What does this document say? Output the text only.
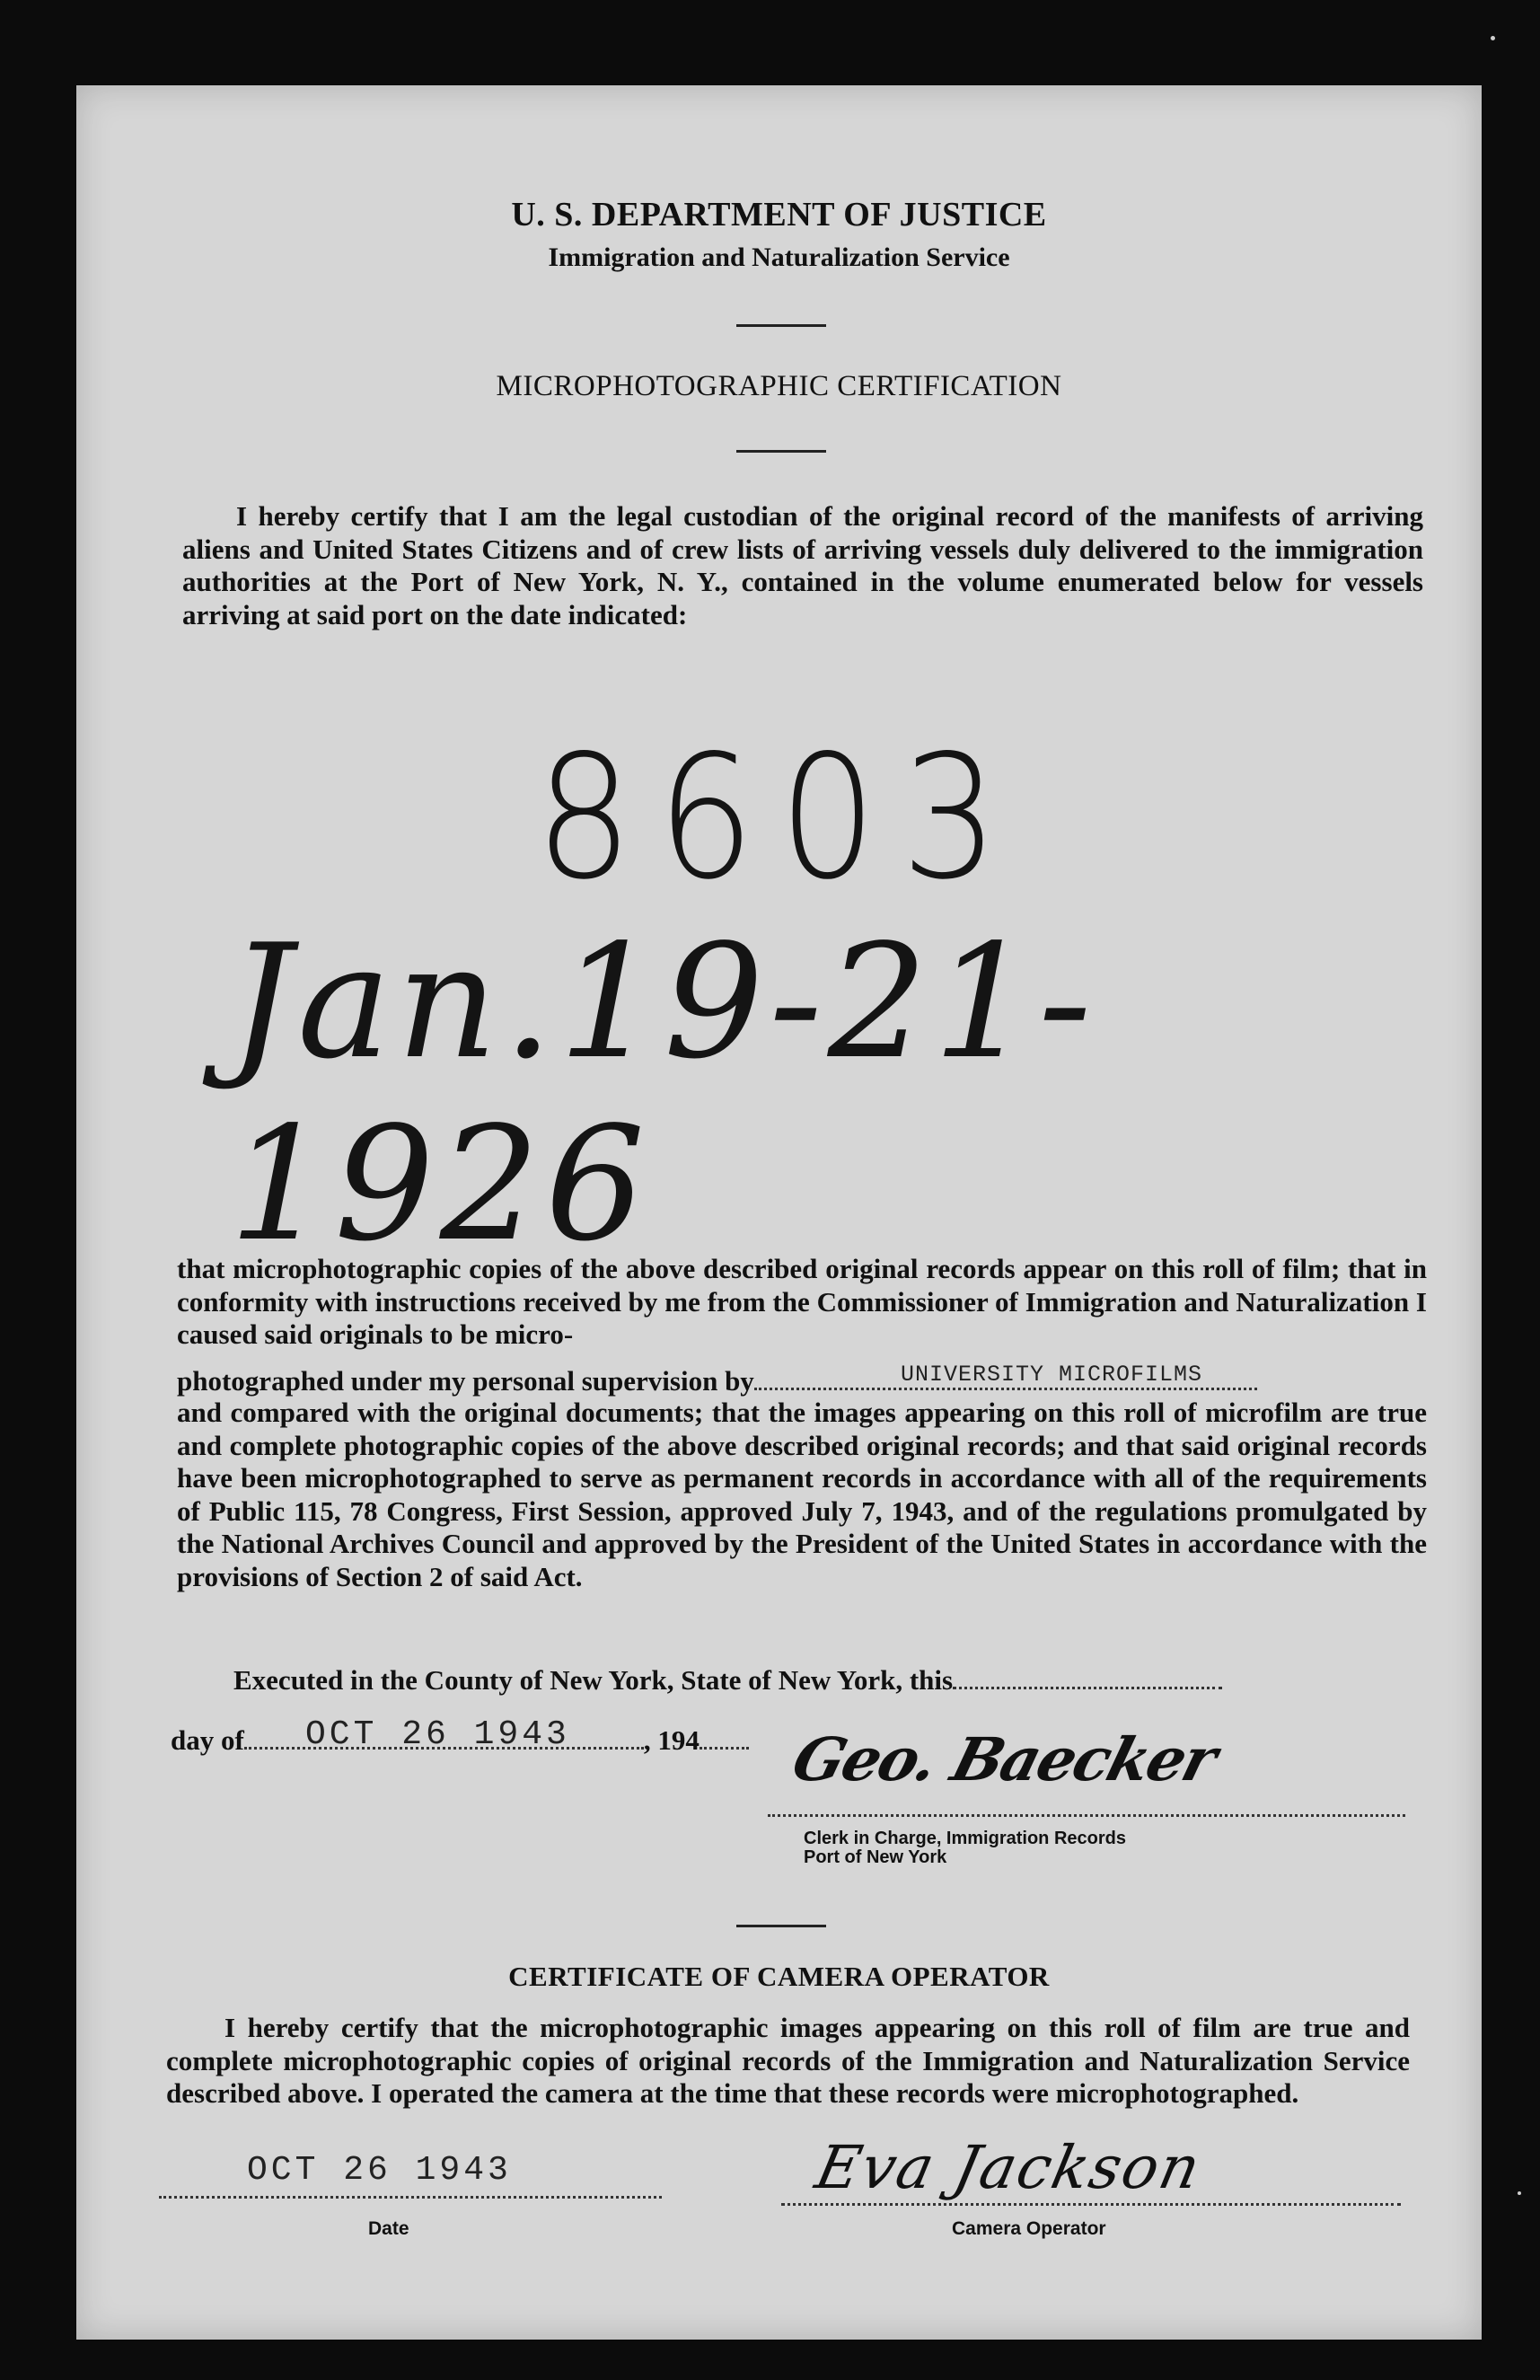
U. S. DEPARTMENT OF JUSTICE
Immigration and Naturalization Service
MICROPHOTOGRAPHIC CERTIFICATION
I hereby certify that I am the legal custodian of the original record of the manifests of arriving aliens and United States Citizens and of crew lists of arriving vessels duly delivered to the immigration authorities at the Port of New York, N. Y., contained in the volume enumerated below for vessels arriving at said port on the date indicated:
8603
Jan.19-21-1926
that microphotographic copies of the above described original records appear on this roll of film; that in conformity with instructions received by me from the Commissioner of Immigration and Naturalization I caused said originals to be micro-
photographed under my personal supervision by	UNIVERSITY MICROFILMS
and compared with the original documents; that the images appearing on this roll of microfilm are true and complete photographic copies of the above described original records; and that said original records have been microphotographed to serve as permanent records in accordance with all of the requirements of Public 115, 78 Congress, First Session, approved July 7, 1943, and of the regulations promulgated by the National Archives Council and approved by the President of the United States in accordance with the provisions of Section 2 of said Act.
Executed in the County of New York, State of New York, this
day of	, 194
OCT 26 1943	Geo. Baecker
Clerk in Charge, Immigration Records
Port of New York
CERTIFICATE OF CAMERA OPERATOR
I hereby certify that the microphotographic images appearing on this roll of film are true and complete microphotographic copies of original records of the Immigration and Naturalization Service described above. I operated the camera at the time that these records were microphotographed.
OCT 26 1943
Date
Eva Jackson
Camera Operator
